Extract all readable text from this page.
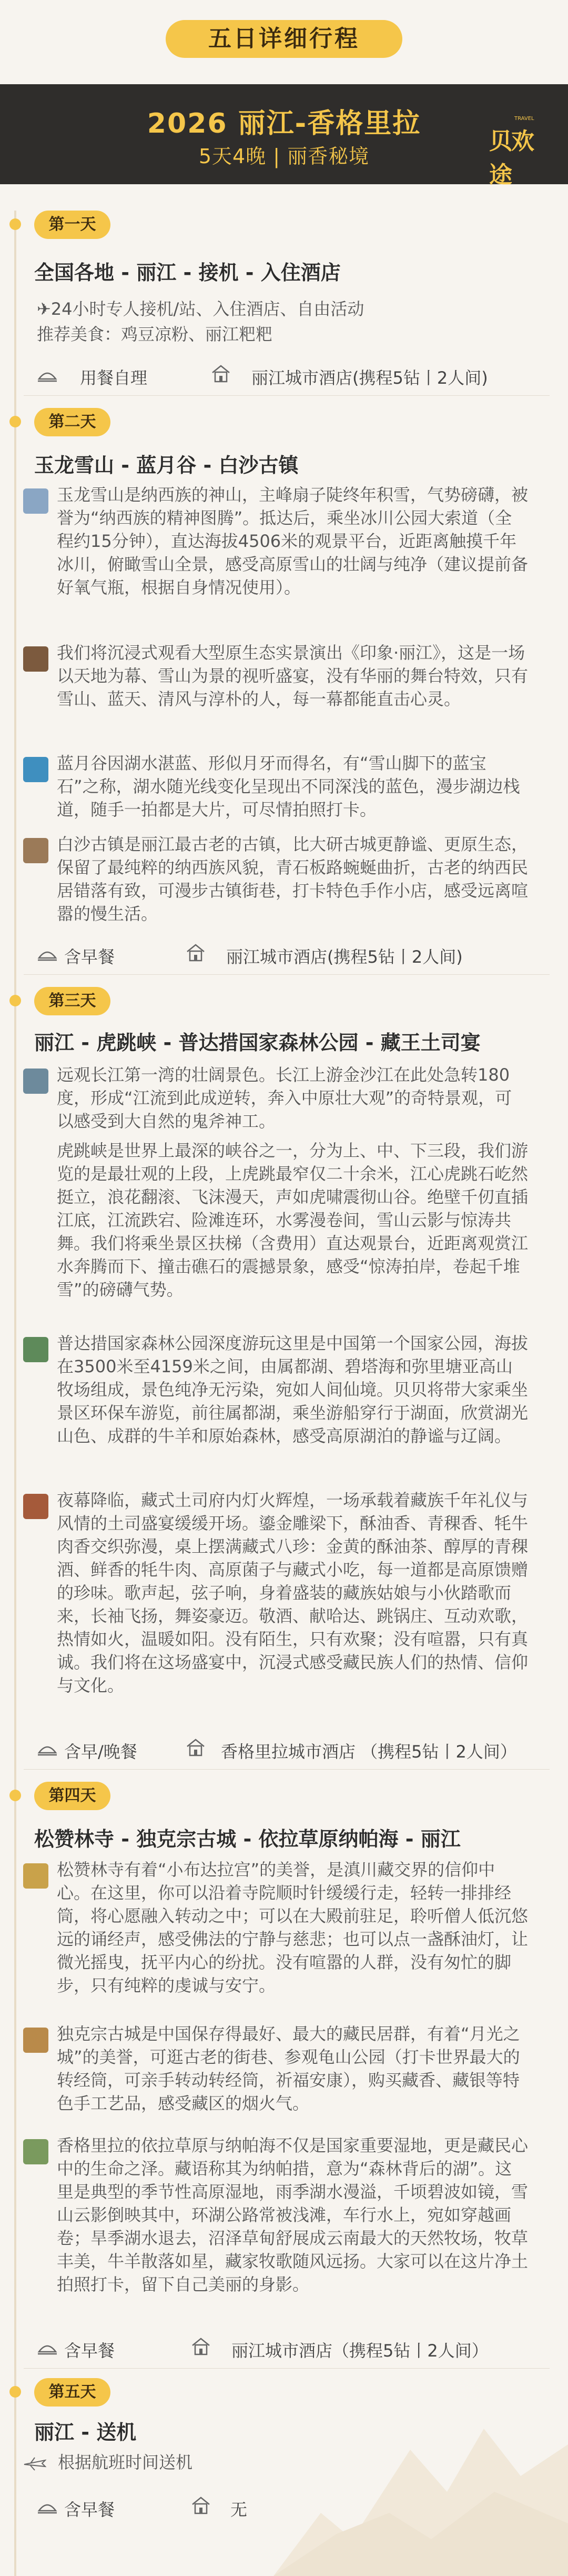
五日详细行程
2026 丽江-香格里拉
5天4晚 | 丽香秘境
TRAVEL
贝欢途
第一天
全国各地 - 丽江 - 接机 - 入住酒店
✈24小时专人接机/站、入住酒店、自由活动
推荐美食：鸡豆凉粉、丽江粑粑
用餐自理	丽江城市酒店(携程5钻丨2人间)
第二天
玉龙雪山 - 蓝月谷 - 白沙古镇
玉龙雪山是纳西族的神山，主峰扇子陡终年积雪，气势磅礴，被誉为“纳西族的精神图腾”。抵达后，乘坐冰川公园大索道（全程约15分钟），直达海拔4506米的观景平台，近距离触摸千年冰川，俯瞰雪山全景，感受高原雪山的壮阔与纯净（建议提前备好氧气瓶，根据自身情况使用）。
我们将沉浸式观看大型原生态实景演出《印象·丽江》，这是一场以天地为幕、雪山为景的视听盛宴，没有华丽的舞台特效，只有雪山、蓝天、清风与淳朴的人，每一幕都能直击心灵。
蓝月谷因湖水湛蓝、形似月牙而得名，有“雪山脚下的蓝宝石”之称，湖水随光线变化呈现出不同深浅的蓝色，漫步湖边栈道，随手一拍都是大片，可尽情拍照打卡。
白沙古镇是丽江最古老的古镇，比大研古城更静谧、更原生态，保留了最纯粹的纳西族风貌，青石板路蜿蜒曲折，古老的纳西民居错落有致，可漫步古镇街巷，打卡特色手作小店，感受远离喧嚣的慢生活。
含早餐	丽江城市酒店(携程5钻丨2人间)
第三天
丽江 - 虎跳峡 - 普达措国家森林公园 - 藏王土司宴
远观长江第一湾的壮阔景色。长江上游金沙江在此处急转180度，形成“江流到此成逆转，奔入中原壮大观”的奇特景观，可以感受到大自然的鬼斧神工。
虎跳峡是世界上最深的峡谷之一，分为上、中、下三段，我们游览的是最壮观的上段，上虎跳最窄仅二十余米，江心虎跳石屹然挺立，浪花翻滚、飞沫漫天，声如虎啸震彻山谷。绝壁千仞直插江底，江流跌宕、险滩连环，水雾漫卷间，雪山云影与惊涛共舞。我们将乘坐景区扶梯（含费用）直达观景台，近距离观赏江水奔腾而下、撞击礁石的震撼景象，感受“惊涛拍岸，卷起千堆雪”的磅礴气势。
普达措国家森林公园深度游玩这里是中国第一个国家公园，海拔在3500米至4159米之间，由属都湖、碧塔海和弥里塘亚高山牧场组成，景色纯净无污染，宛如人间仙境。贝贝将带大家乘坐景区环保车游览，前往属都湖，乘坐游船穿行于湖面，欣赏湖光山色、成群的牛羊和原始森林，感受高原湖泊的静谧与辽阔。
夜幕降临，藏式土司府内灯火辉煌，一场承载着藏族千年礼仪与风情的土司盛宴缓缓开场。鎏金雕梁下，酥油香、青稞香、牦牛肉香交织弥漫，桌上摆满藏式八珍：金黄的酥油茶、醇厚的青稞酒、鲜香的牦牛肉、高原菌子与藏式小吃，每一道都是高原馈赠的珍味。歌声起，弦子响，身着盛装的藏族姑娘与小伙踏歌而来，长袖飞扬，舞姿豪迈。敬酒、献哈达、跳锅庄、互动欢歌，热情如火，温暖如阳。没有陌生，只有欢聚；没有喧嚣，只有真诚。我们将在这场盛宴中，沉浸式感受藏民族人们的热情、信仰与文化。
含早/晚餐	香格里拉城市酒店 （携程5钻丨2人间）
第四天
松赞林寺 - 独克宗古城 - 依拉草原纳帕海 - 丽江
松赞林寺有着“小布达拉宫”的美誉，是滇川藏交界的信仰中心。在这里，你可以沿着寺院顺时针缓缓行走，轻转一排排经筒，将心愿融入转动之中；可以在大殿前驻足，聆听僧人低沉悠远的诵经声，感受佛法的宁静与慈悲；也可以点一盏酥油灯，让微光摇曳，抚平内心的纷扰。没有喧嚣的人群，没有匆忙的脚步，只有纯粹的虔诚与安宁。
独克宗古城是中国保存得最好、最大的藏民居群，有着“月光之城”的美誉，可逛古老的街巷、参观龟山公园（打卡世界最大的转经筒，可亲手转动转经筒，祈福安康），购买藏香、藏银等特色手工艺品，感受藏区的烟火气。
香格里拉的依拉草原与纳帕海不仅是国家重要湿地，更是藏民心中的生命之泽。藏语称其为纳帕措，意为“森林背后的湖”。这里是典型的季节性高原湿地，雨季湖水漫溢，千顷碧波如镜，雪山云影倒映其中，环湖公路常被浅滩，车行水上，宛如穿越画卷；旱季湖水退去，沼泽草甸舒展成云南最大的天然牧场，牧草丰美，牛羊散落如星，藏家牧歌随风远扬。大家可以在这片净土拍照打卡，留下自己美丽的身影。
含早餐	丽江城市酒店（携程5钻丨2人间）
第五天
丽江 - 送机
根据航班时间送机
含早餐	无
